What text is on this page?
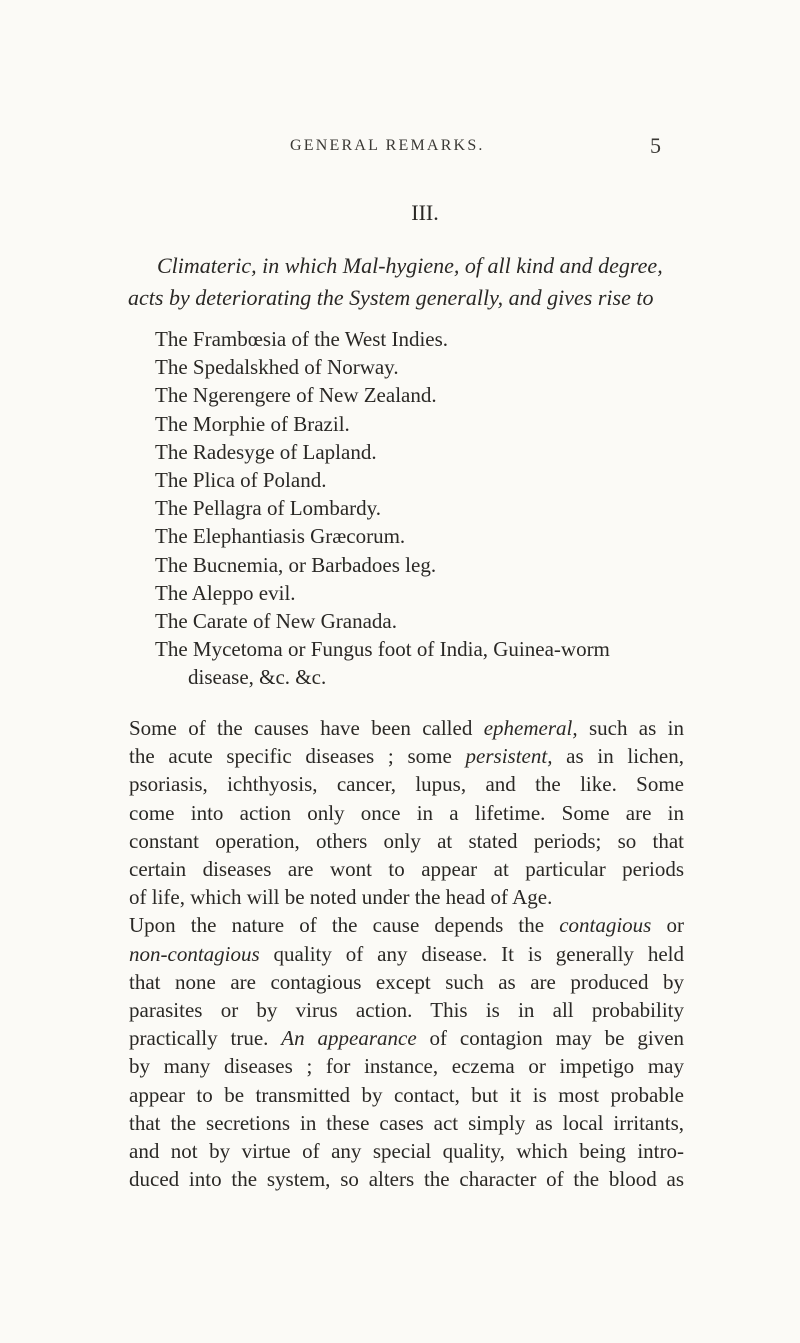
GENERAL REMARKS.	5
III.
Climateric, in which Mal-hygiene, of all kind and degree,
acts by deteriorating the System generally, and gives rise to
The Frambœsia of the West Indies.
The Spedalskhed of Norway.
The Ngerengere of New Zealand.
The Morphie of Brazil.
The Radesyge of Lapland.
The Plica of Poland.
The Pellagra of Lombardy.
The Elephantiasis Græcorum.
The Bucnemia, or Barbadoes leg.
The Aleppo evil.
The Carate of New Granada.
The Mycetoma or Fungus foot of India, Guinea-worm
disease, &c. &c.
Some of the causes have been called ephemeral, such as in
the acute specific diseases ; some persistent, as in lichen,
psoriasis, ichthyosis, cancer, lupus, and the like. Some
come into action only once in a lifetime. Some are in
constant operation, others only at stated periods; so that
certain diseases are wont to appear at particular periods
of life, which will be noted under the head of Age.
Upon the nature of the cause depends the contagious or
non-contagious quality of any disease. It is generally held
that none are contagious except such as are produced by
parasites or by virus action. This is in all probability
practically true. An appearance of contagion may be given
by many diseases ; for instance, eczema or impetigo may
appear to be transmitted by contact, but it is most probable
that the secretions in these cases act simply as local irritants,
and not by virtue of any special quality, which being intro-
duced into the system, so alters the character of the blood as
